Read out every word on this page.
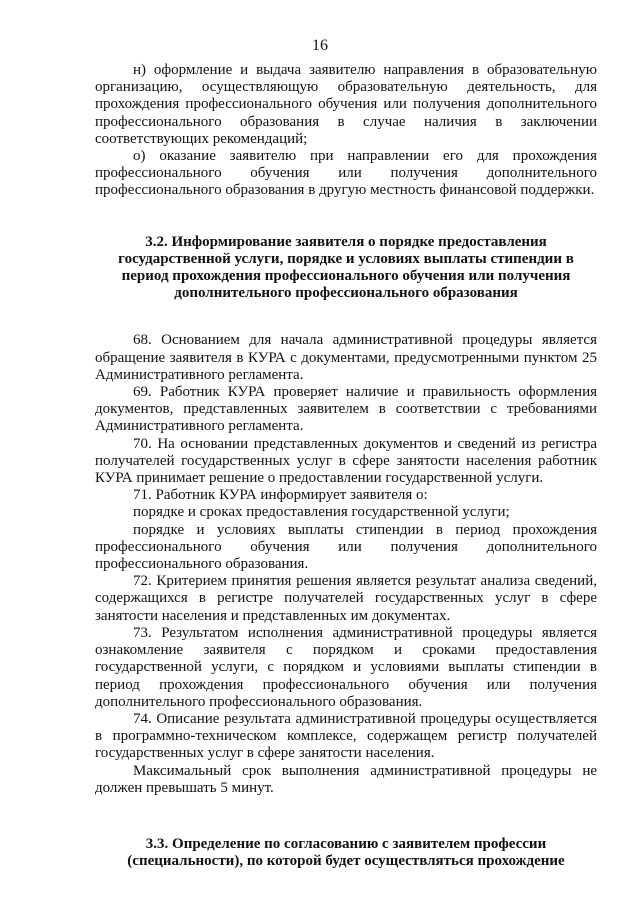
16

н) оформление и выдача заявителю направления в образовательную организацию, осуществляющую образовательную деятельность, для прохождения профессионального обучения или получения дополнительного профессионального образования в случае наличия в заключении соответствующих рекомендаций;

о) оказание заявителю при направлении его для прохождения профессионального обучения или получения дополнительного профессионального образования в другую местность финансовой поддержки.

3.2. Информирование заявителя о порядке предоставления государственной услуги, порядке и условиях выплаты стипендии в период прохождения профессионального обучения или получения дополнительного профессионального образования

68. Основанием для начала административной процедуры является обращение заявителя в КУРА с документами, предусмотренными пунктом 25 Административного регламента.

69. Работник КУРА проверяет наличие и правильность оформления документов, представленных заявителем в соответствии с требованиями Административного регламента.

70. На основании представленных документов и сведений из регистра получателей государственных услуг в сфере занятости населения работник КУРА принимает решение о предоставлении государственной услуги.

71. Работник КУРА информирует заявителя о:

порядке и сроках предоставления государственной услуги;

порядке и условиях выплаты стипендии в период прохождения профессионального обучения или получения дополнительного профессионального образования.

72. Критерием принятия решения является результат анализа сведений, содержащихся в регистре получателей государственных услуг в сфере занятости населения и представленных им документах.

73. Результатом исполнения административной процедуры является ознакомление заявителя с порядком и сроками предоставления государственной услуги, с порядком и условиями выплаты стипендии в период прохождения профессионального обучения или получения дополнительного профессионального образования.

74. Описание результата административной процедуры осуществляется в программно-техническом комплексе, содержащем регистр получателей государственных услуг в сфере занятости населения.

Максимальный срок выполнения административной процедуры не должен превышать 5 минут.

3.3. Определение по согласованию с заявителем профессии (специальности), по которой будет осуществляться прохождение
